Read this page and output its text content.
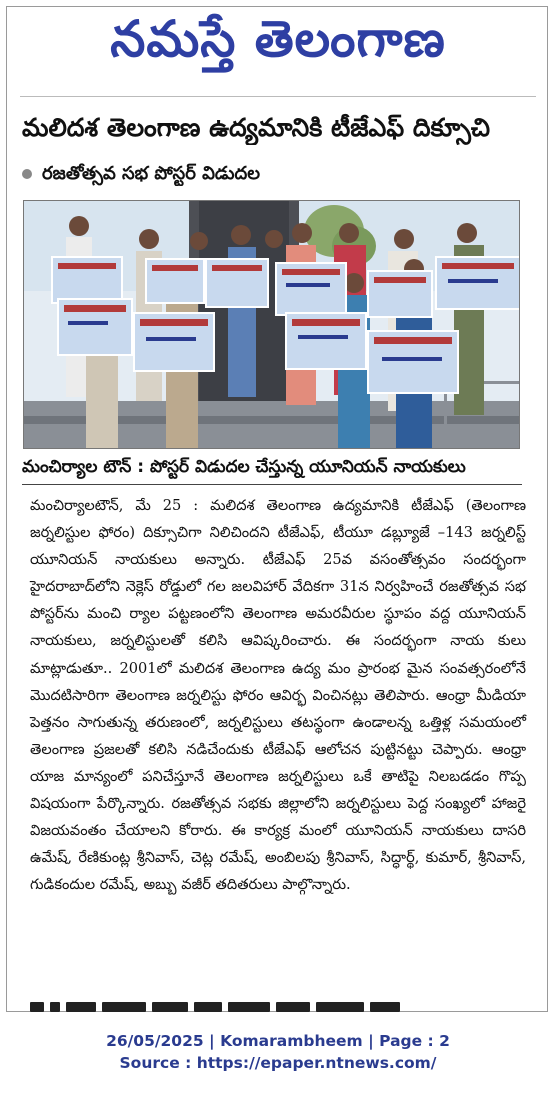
నమస్తే తెలంగాణ
మలిదశ తెలంగాణ ఉద్యమానికి టీజేఎఫ్ దిక్సూచి
రజతోత్సవ సభ పోస్టర్ విడుదల
మంచిర్యాల టౌన్ : పోస్టర్ విడుదల చేస్తున్న యూనియన్ నాయకులు

మంచిర్యాలటౌన్, మే 25 : మలిదశ తెలంగాణ ఉద్యమానికి టీజేఎఫ్ (తెలంగాణ జర్నలిస్టుల ఫోరం) దిక్సూచిగా నిలిచిందని టీజేఎఫ్, టీయూ డబ్ల్యూజే –143 జర్నలిస్ట్ యూనియన్ నాయకులు అన్నారు. టీజేఎఫ్ 25వ వసంతోత్సవం సందర్భంగా హైదరాబాద్‌లోని నెక్లెస్ రోడ్డులో గల జలవిహార్ వేదికగా 31న నిర్వహించే రజతోత్సవ సభ పోస్టర్‌ను మంచి ర్యాల పట్టణంలోని తెలంగాణ అమరవీరుల స్థూపం వద్ద యూనియన్ నాయకులు, జర్నలిస్టులతో కలిసి ఆవిష్కరించారు. ఈ సందర్భంగా నాయ కులు మాట్లాడుతూ.. 2001లో మలిదశ తెలంగాణ ఉద్య మం ప్రారంభ మైన సంవత్సరంలోనే మొదటిసారిగా తెలంగాణ జర్నలిస్టు ఫోరం ఆవిర్భ వించినట్లు తెలిపారు. ఆంధ్రా మీడియా పెత్తనం సాగుతున్న తరుణంలో, జర్నలిస్టులు తటస్థంగా ఉండాలన్న ఒత్తిళ్ల సమయంలో తెలంగాణ ప్రజలతో కలిసి నడిచేందుకు టీజేఎఫ్ ఆలోచన పుట్టినట్టు చెప్పారు. ఆంధ్రా యాజ మాన్యంలో పనిచేస్తూనే తెలంగాణ జర్నలిస్టులు ఒకే తాటిపై నిలబడడం గొప్ప విషయంగా పేర్కొన్నారు. రజతోత్సవ సభకు జిల్లాలోని జర్నలిస్టులు పెద్ద సంఖ్యలో హాజరై విజయవంతం చేయాలని కోరారు. ఈ కార్యక్ర మంలో యూనియన్ నాయకులు దాసరి ఉమేష్, రేణికుంట్ల శ్రీనివాస్, చెట్ల రమేష్, అంబిలపు శ్రీనివాస్, సిద్ధార్థ్, కుమార్, శ్రీనివాస్, గుడికందుల రమేష్, అబ్బు వజీర్ తదితరులు పాల్గొన్నారు.

26/05/2025 | Komarambheem | Page : 2
Source : https://epaper.ntnews.com/
